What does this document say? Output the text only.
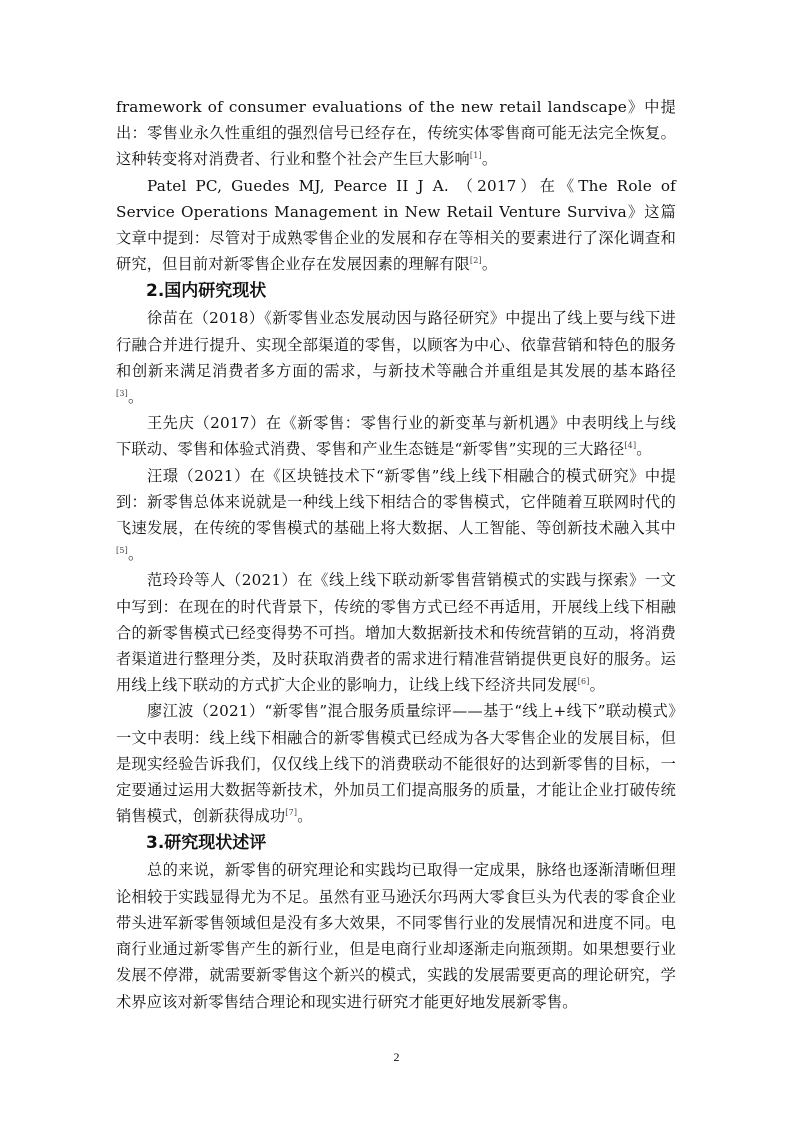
framework of consumer evaluations of the new retail landscape》中提出：零售业永久性重组的强烈信号已经存在，传统实体零售商可能无法完全恢复。这种转变将对消费者、行业和整个社会产生巨大影响[1]。

Patel PC, Guedes MJ, Pearce II J A. （2017）在《The Role of Service Operations Management in New Retail Venture Surviva》这篇文章中提到：尽管对于成熟零售企业的发展和存在等相关的要素进行了深化调查和研究，但目前对新零售企业存在发展因素的理解有限[2]。

2.国内研究现状

徐苗在（2018）《新零售业态发展动因与路径研究》中提出了线上要与线下进行融合并进行提升、实现全部渠道的零售，以顾客为中心、依靠营销和特色的服务和创新来满足消费者多方面的需求，与新技术等融合并重组是其发展的基本路径[3]。

王先庆（2017）在《新零售：零售行业的新变革与新机遇》中表明线上与线下联动、零售和体验式消费、零售和产业生态链是“新零售”实现的三大路径[4]。

汪璟（2021）在《区块链技术下“新零售”线上线下相融合的模式研究》中提到：新零售总体来说就是一种线上线下相结合的零售模式，它伴随着互联网时代的飞速发展，在传统的零售模式的基础上将大数据、人工智能、等创新技术融入其中[5]。

范玲玲等人（2021）在《线上线下联动新零售营销模式的实践与探索》一文中写到：在现在的时代背景下，传统的零售方式已经不再适用，开展线上线下相融合的新零售模式已经变得势不可挡。增加大数据新技术和传统营销的互动，将消费者渠道进行整理分类，及时获取消费者的需求进行精准营销提供更良好的服务。运用线上线下联动的方式扩大企业的影响力，让线上线下经济共同发展[6]。

廖江波（2021）“新零售”混合服务质量综评——基于“线上+线下”联动模式》一文中表明：线上线下相融合的新零售模式已经成为各大零售企业的发展目标，但是现实经验告诉我们，仅仅线上线下的消费联动不能很好的达到新零售的目标，一定要通过运用大数据等新技术，外加员工们提高服务的质量，才能让企业打破传统销售模式，创新获得成功[7]。

3.研究现状述评

总的来说，新零售的研究理论和实践均已取得一定成果，脉络也逐渐清晰但理论相较于实践显得尤为不足。虽然有亚马逊沃尔玛两大零食巨头为代表的零食企业带头进军新零售领域但是没有多大效果，不同零售行业的发展情况和进度不同。电商行业通过新零售产生的新行业，但是电商行业却逐渐走向瓶颈期。如果想要行业发展不停滞，就需要新零售这个新兴的模式，实践的发展需要更高的理论研究，学术界应该对新零售结合理论和现实进行研究才能更好地发展新零售。

2
